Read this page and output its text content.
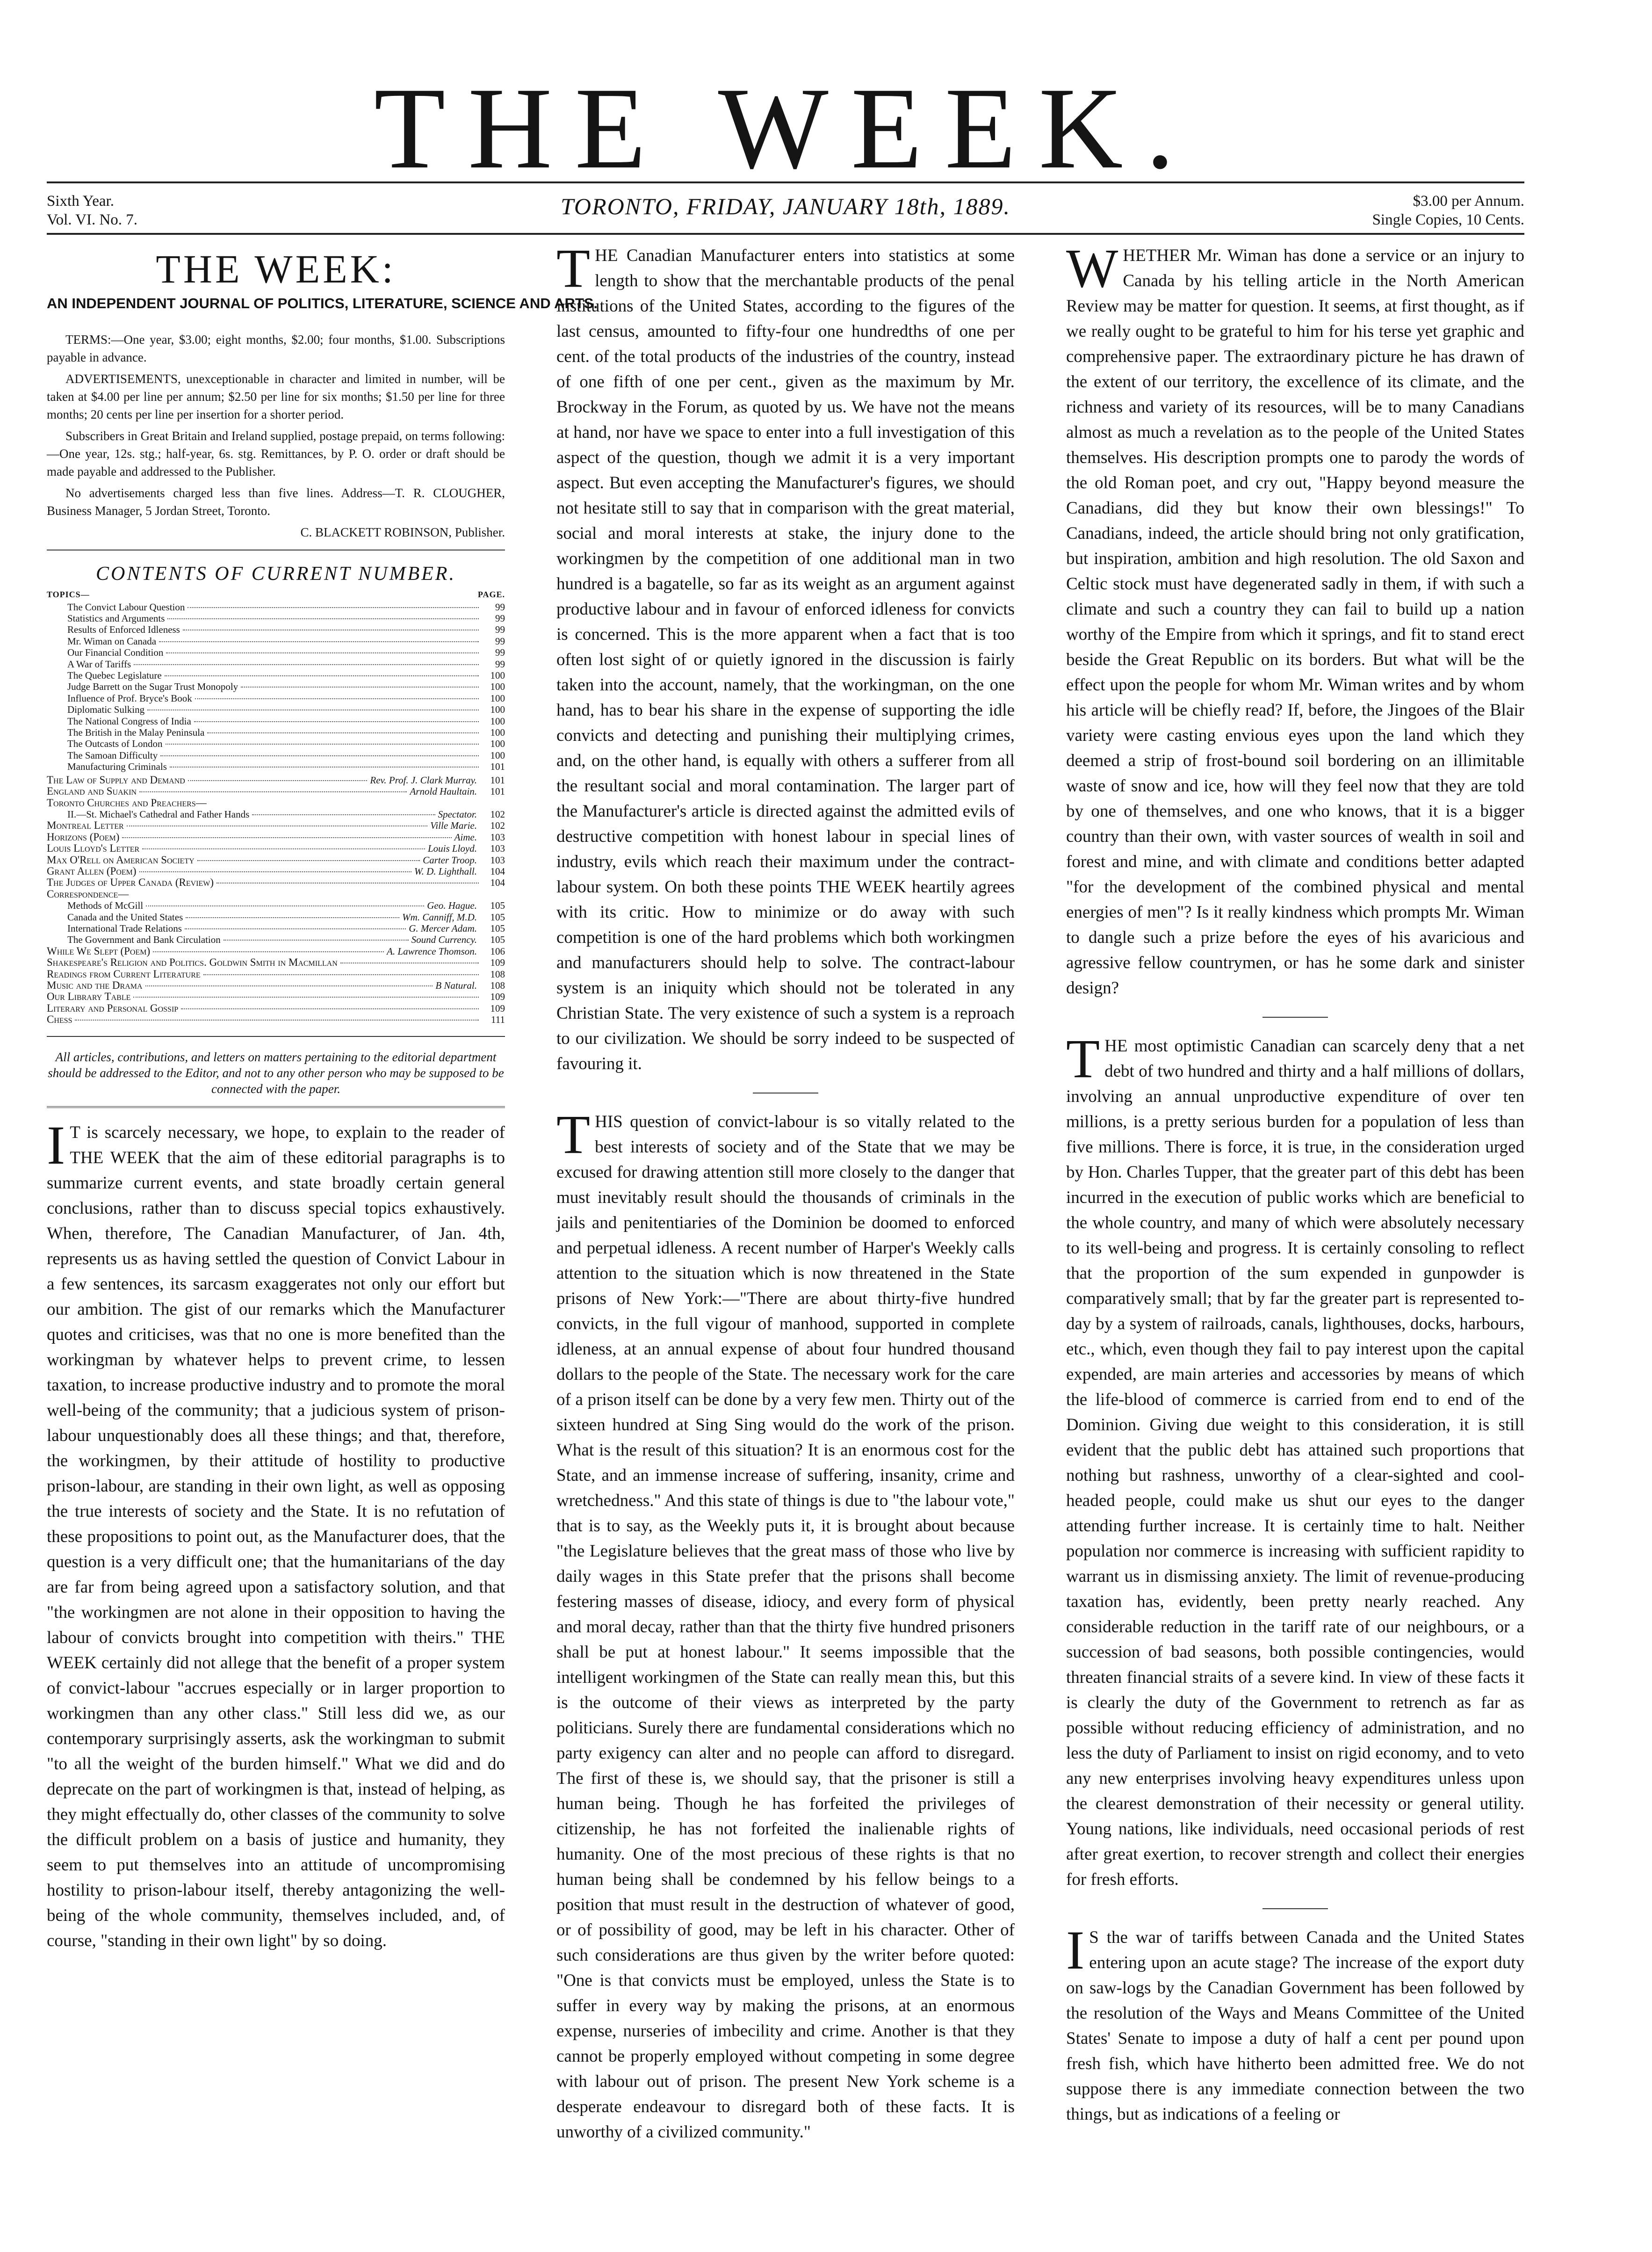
THE WEEK.
Sixth Year.
Vol. VI. No. 7.
TORONTO, FRIDAY, JANUARY 18th, 1889.	$3.00 per Annum.
Single Copies, 10 Cents.
THE WEEK:
AN INDEPENDENT JOURNAL OF POLITICS, LITERATURE, SCIENCE AND ARTS.

TERMS:—One year, $3.00; eight months, $2.00; four months, $1.00. Subscriptions payable in advance.

ADVERTISEMENTS, unexceptionable in character and limited in number, will be taken at $4.00 per line per annum; $2.50 per line for six months; $1.50 per line for three months; 20 cents per line per insertion for a shorter period.

Subscribers in Great Britain and Ireland supplied, postage prepaid, on terms following:—One year, 12s. stg.; half-year, 6s. stg. Remittances, by P. O. order or draft should be made payable and addressed to the Publisher.

No advertisements charged less than five lines. Address—T. R. CLOUGHER, Business Manager, 5 Jordan Street, Toronto.

C. BLACKETT ROBINSON, Publisher.

CONTENTS OF CURRENT NUMBER.
TOPICS—	PAGE.
The Convict Labour Question	99
Statistics and Arguments	99
Results of Enforced Idleness	99
Mr. Wiman on Canada	99
Our Financial Condition	99
A War of Tariffs	99
The Quebec Legislature	100
Judge Barrett on the Sugar Trust Monopoly	100
Influence of Prof. Bryce's Book	100
Diplomatic Sulking	100
The National Congress of India	100
The British in the Malay Peninsula	100
The Outcasts of London	100
The Samoan Difficulty	100
Manufacturing Criminals	101
The Law of Supply and Demand	Rev. Prof. J. Clark Murray.	101
England and Suakin	Arnold Haultain.	101
Toronto Churches and Preachers—
II.—St. Michael's Cathedral and Father Hands	Spectator.	102
Montreal Letter	Ville Marie.	102
Horizons (Poem)	Aime.	103
Louis Lloyd's Letter	Louis Lloyd.	103
Max O'Rell on American Society	Carter Troop.	103
Grant Allen (Poem)	W. D. Lighthall.	104
The Judges of Upper Canada (Review)	104
Correspondence—
Methods of McGill	Geo. Hague.	105
Canada and the United States	Wm. Canniff, M.D.	105
International Trade Relations	G. Mercer Adam.	105
The Government and Bank Circulation	Sound Currency.	105
While We Slept (Poem)	A. Lawrence Thomson.	106
Shakespeare's Religion and Politics. Goldwin Smith in Macmillan	109
Readings from Current Literature	108
Music and the Drama	B Natural.	108
Our Library Table	109
Literary and Personal Gossip	109
Chess	111
All articles, contributions, and letters on matters pertaining to the editorial department should be addressed to the Editor, and not to any other person who may be supposed to be connected with the paper.

I T is scarcely necessary, we hope, to explain to the reader of THE WEEK that the aim of these editorial paragraphs is to summarize current events, and state broadly certain general conclusions, rather than to discuss special topics exhaustively. When, therefore, The Canadian Manufacturer, of Jan. 4th, represents us as having settled the question of Convict Labour in a few sentences, its sarcasm exaggerates not only our effort but our ambition. The gist of our remarks which the Manufacturer quotes and criticises, was that no one is more benefited than the workingman by whatever helps to prevent crime, to lessen taxation, to increase productive industry and to promote the moral well-being of the community; that a judicious system of prison-labour unquestionably does all these things; and that, therefore, the workingmen, by their attitude of hostility to productive prison-labour, are standing in their own light, as well as opposing the true interests of society and the State. It is no refutation of these propositions to point out, as the Manufacturer does, that the question is a very difficult one; that the humanitarians of the day are far from being agreed upon a satisfactory solution, and that "the workingmen are not alone in their opposition to having the labour of convicts brought into competition with theirs." THE WEEK certainly did not allege that the benefit of a proper system of convict-labour "accrues especially or in larger proportion to workingmen than any other class." Still less did we, as our contemporary surprisingly asserts, ask the workingman to submit "to all the weight of the burden himself." What we did and do deprecate on the part of workingmen is that, instead of helping, as they might effectually do, other classes of the community to solve the difficult problem on a basis of justice and humanity, they seem to put themselves into an attitude of uncompromising hostility to prison-labour itself, thereby antagonizing the well-being of the whole community, themselves included, and, of course, "standing in their own light" by so doing.

THE Canadian Manufacturer enters into statistics at some length to show that the merchantable products of the penal institutions of the United States, according to the figures of the last census, amounted to fifty-four one hundredths of one per cent. of the total products of the industries of the country, instead of one fifth of one per cent., given as the maximum by Mr. Brockway in the Forum, as quoted by us. We have not the means at hand, nor have we space to enter into a full investigation of this aspect of the question, though we admit it is a very important aspect. But even accepting the Manufacturer's figures, we should not hesitate still to say that in comparison with the great material, social and moral interests at stake, the injury done to the workingmen by the competition of one additional man in two hundred is a bagatelle, so far as its weight as an argument against productive labour and in favour of enforced idleness for convicts is concerned. This is the more apparent when a fact that is too often lost sight of or quietly ignored in the discussion is fairly taken into the account, namely, that the workingman, on the one hand, has to bear his share in the expense of supporting the idle convicts and detecting and punishing their multiplying crimes, and, on the other hand, is equally with others a sufferer from all the resultant social and moral contamination. The larger part of the Manufacturer's article is directed against the admitted evils of destructive competition with honest labour in special lines of industry, evils which reach their maximum under the contract-labour system. On both these points THE WEEK heartily agrees with its critic. How to minimize or do away with such competition is one of the hard problems which both workingmen and manufacturers should help to solve. The contract-labour system is an iniquity which should not be tolerated in any Christian State. The very existence of such a system is a reproach to our civilization. We should be sorry indeed to be suspected of favouring it.

THIS question of convict-labour is so vitally related to the best interests of society and of the State that we may be excused for drawing attention still more closely to the danger that must inevitably result should the thousands of criminals in the jails and penitentiaries of the Dominion be doomed to enforced and perpetual idleness. A recent number of Harper's Weekly calls attention to the situation which is now threatened in the State prisons of New York:—"There are about thirty-five hundred convicts, in the full vigour of manhood, supported in complete idleness, at an annual expense of about four hundred thousand dollars to the people of the State. The necessary work for the care of a prison itself can be done by a very few men. Thirty out of the sixteen hundred at Sing Sing would do the work of the prison. What is the result of this situation? It is an enormous cost for the State, and an immense increase of suffering, insanity, crime and wretchedness." And this state of things is due to "the labour vote," that is to say, as the Weekly puts it, it is brought about because "the Legislature believes that the great mass of those who live by daily wages in this State prefer that the prisons shall become festering masses of disease, idiocy, and every form of physical and moral decay, rather than that the thirty five hundred prisoners shall be put at honest labour." It seems impossible that the intelligent workingmen of the State can really mean this, but this is the outcome of their views as interpreted by the party politicians. Surely there are fundamental considerations which no party exigency can alter and no people can afford to disregard. The first of these is, we should say, that the prisoner is still a human being. Though he has forfeited the privileges of citizenship, he has not forfeited the inalienable rights of humanity. One of the most precious of these rights is that no human being shall be condemned by his fellow beings to a position that must result in the destruction of whatever of good, or of possibility of good, may be left in his character. Other of such considerations are thus given by the writer before quoted: "One is that convicts must be employed, unless the State is to suffer in every way by making the prisons, at an enormous expense, nurseries of imbecility and crime. Another is that they cannot be properly employed without competing in some degree with labour out of prison. The present New York scheme is a desperate endeavour to disregard both of these facts. It is unworthy of a civilized community."

WHETHER Mr. Wiman has done a service or an injury to Canada by his telling article in the North American Review may be matter for question. It seems, at first thought, as if we really ought to be grateful to him for his terse yet graphic and comprehensive paper. The extraordinary picture he has drawn of the extent of our territory, the excellence of its climate, and the richness and variety of its resources, will be to many Canadians almost as much a revelation as to the people of the United States themselves. His description prompts one to parody the words of the old Roman poet, and cry out, "Happy beyond measure the Canadians, did they but know their own blessings!" To Canadians, indeed, the article should bring not only gratification, but inspiration, ambition and high resolution. The old Saxon and Celtic stock must have degenerated sadly in them, if with such a climate and such a country they can fail to build up a nation worthy of the Empire from which it springs, and fit to stand erect beside the Great Republic on its borders. But what will be the effect upon the people for whom Mr. Wiman writes and by whom his article will be chiefly read? If, before, the Jingoes of the Blair variety were casting envious eyes upon the land which they deemed a strip of frost-bound soil bordering on an illimitable waste of snow and ice, how will they feel now that they are told by one of themselves, and one who knows, that it is a bigger country than their own, with vaster sources of wealth in soil and forest and mine, and with climate and conditions better adapted "for the development of the combined physical and mental energies of men"? Is it really kindness which prompts Mr. Wiman to dangle such a prize before the eyes of his avaricious and agressive fellow countrymen, or has he some dark and sinister design?

THE most optimistic Canadian can scarcely deny that a net debt of two hundred and thirty and a half millions of dollars, involving an annual unproductive expenditure of over ten millions, is a pretty serious burden for a population of less than five millions. There is force, it is true, in the consideration urged by Hon. Charles Tupper, that the greater part of this debt has been incurred in the execution of public works which are beneficial to the whole country, and many of which were absolutely necessary to its well-being and progress. It is certainly consoling to reflect that the proportion of the sum expended in gunpowder is comparatively small; that by far the greater part is represented to-day by a system of railroads, canals, lighthouses, docks, harbours, etc., which, even though they fail to pay interest upon the capital expended, are main arteries and accessories by means of which the life-blood of commerce is carried from end to end of the Dominion. Giving due weight to this consideration, it is still evident that the public debt has attained such proportions that nothing but rashness, unworthy of a clear-sighted and cool-headed people, could make us shut our eyes to the danger attending further increase. It is certainly time to halt. Neither population nor commerce is increasing with sufficient rapidity to warrant us in dismissing anxiety. The limit of revenue-producing taxation has, evidently, been pretty nearly reached. Any considerable reduction in the tariff rate of our neighbours, or a succession of bad seasons, both possible contingencies, would threaten financial straits of a severe kind. In view of these facts it is clearly the duty of the Government to retrench as far as possible without reducing efficiency of administration, and no less the duty of Parliament to insist on rigid economy, and to veto any new enterprises involving heavy expenditures unless upon the clearest demonstration of their necessity or general utility. Young nations, like individuals, need occasional periods of rest after great exertion, to recover strength and collect their energies for fresh efforts.

I S the war of tariffs between Canada and the United States entering upon an acute stage? The increase of the export duty on saw-logs by the Canadian Government has been followed by the resolution of the Ways and Means Committee of the United States' Senate to impose a duty of half a cent per pound upon fresh fish, which have hitherto been admitted free. We do not suppose there is any immediate connection between the two things, but as indications of a feeling or
